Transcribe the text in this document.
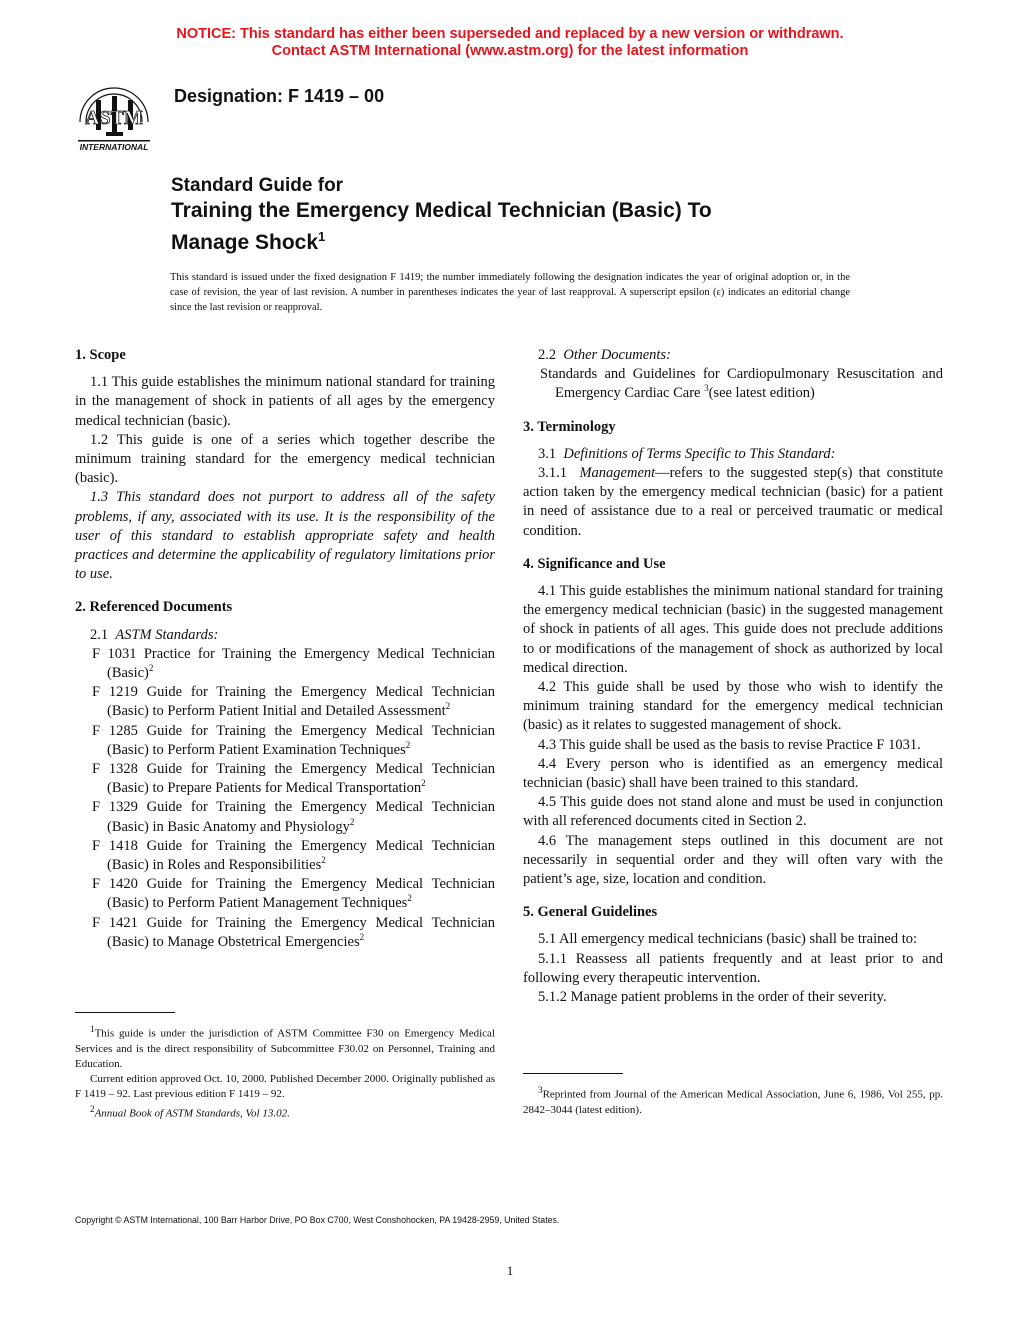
NOTICE: This standard has either been superseded and replaced by a new version or withdrawn.
Contact ASTM International (www.astm.org) for the latest information
ASTM
INTERNATIONAL
Designation: F 1419 – 00
Standard Guide for
Training the Emergency Medical Technician (Basic) To
Manage Shock$^1$
This standard is issued under the fixed designation F 1419; the number immediately following the designation indicates the year of original adoption or, in the case of revision, the year of last revision. A number in parentheses indicates the year of last reapproval. A superscript epsilon (ε) indicates an editorial change since the last revision or reapproval.
1. Scope

1.1 This guide establishes the minimum national standard for training in the management of shock in patients of all ages by the emergency medical technician (basic).

1.2 This guide is one of a series which together describe the minimum training standard for the emergency medical technician (basic).

1.3 This standard does not purport to address all of the safety problems, if any, associated with its use. It is the responsibility of the user of this standard to establish appropriate safety and health practices and determine the applicability of regulatory limitations prior to use.

2. Referenced Documents

2.1 ASTM Standards:

F 1031 Practice for Training the Emergency Medical Technician (Basic)$^2$

F 1219 Guide for Training the Emergency Medical Technician (Basic) to Perform Patient Initial and Detailed Assessment$^2$

F 1285 Guide for Training the Emergency Medical Technician (Basic) to Perform Patient Examination Techniques$^2$

F 1328 Guide for Training the Emergency Medical Technician (Basic) to Prepare Patients for Medical Transportation$^2$

F 1329 Guide for Training the Emergency Medical Technician (Basic) in Basic Anatomy and Physiology$^2$

F 1418 Guide for Training the Emergency Medical Technician (Basic) in Roles and Responsibilities$^2$

F 1420 Guide for Training the Emergency Medical Technician (Basic) to Perform Patient Management Techniques$^2$

F 1421 Guide for Training the Emergency Medical Technician (Basic) to Manage Obstetrical Emergencies$^2$

2.2 Other Documents:

Standards and Guidelines for Cardiopulmonary Resuscitation and Emergency Cardiac Care $^3$(see latest edition)

3. Terminology

3.1 Definitions of Terms Specific to This Standard:

3.1.1 Management—refers to the suggested step(s) that constitute action taken by the emergency medical technician (basic) for a patient in need of assistance due to a real or perceived traumatic or medical condition.

4. Significance and Use

4.1 This guide establishes the minimum national standard for training the emergency medical technician (basic) in the suggested management of shock in patients of all ages. This guide does not preclude additions to or modifications of the management of shock as authorized by local medical direction.

4.2 This guide shall be used by those who wish to identify the minimum training standard for the emergency medical technician (basic) as it relates to suggested management of shock.

4.3 This guide shall be used as the basis to revise Practice F 1031.

4.4 Every person who is identified as an emergency medical technician (basic) shall have been trained to this standard.

4.5 This guide does not stand alone and must be used in conjunction with all referenced documents cited in Section 2.

4.6 The management steps outlined in this document are not necessarily in sequential order and they will often vary with the patient’s age, size, location and condition.

5. General Guidelines

5.1 All emergency medical technicians (basic) shall be trained to:

5.1.1 Reassess all patients frequently and at least prior to and following every therapeutic intervention.

5.1.2 Manage patient problems in the order of their severity.

$^1$This guide is under the jurisdiction of ASTM Committee F30 on Emergency Medical Services and is the direct responsibility of Subcommittee F30.02 on Personnel, Training and Education.

Current edition approved Oct. 10, 2000. Published December 2000. Originally published as F 1419 – 92. Last previous edition F 1419 – 92.

$^2$Annual Book of ASTM Standards, Vol 13.02.

$^3$Reprinted from Journal of the American Medical Association, June 6, 1986, Vol 255, pp. 2842–3044 (latest edition).

Copyright © ASTM International, 100 Barr Harbor Drive, PO Box C700, West Conshohocken, PA 19428-2959, United States.
1
